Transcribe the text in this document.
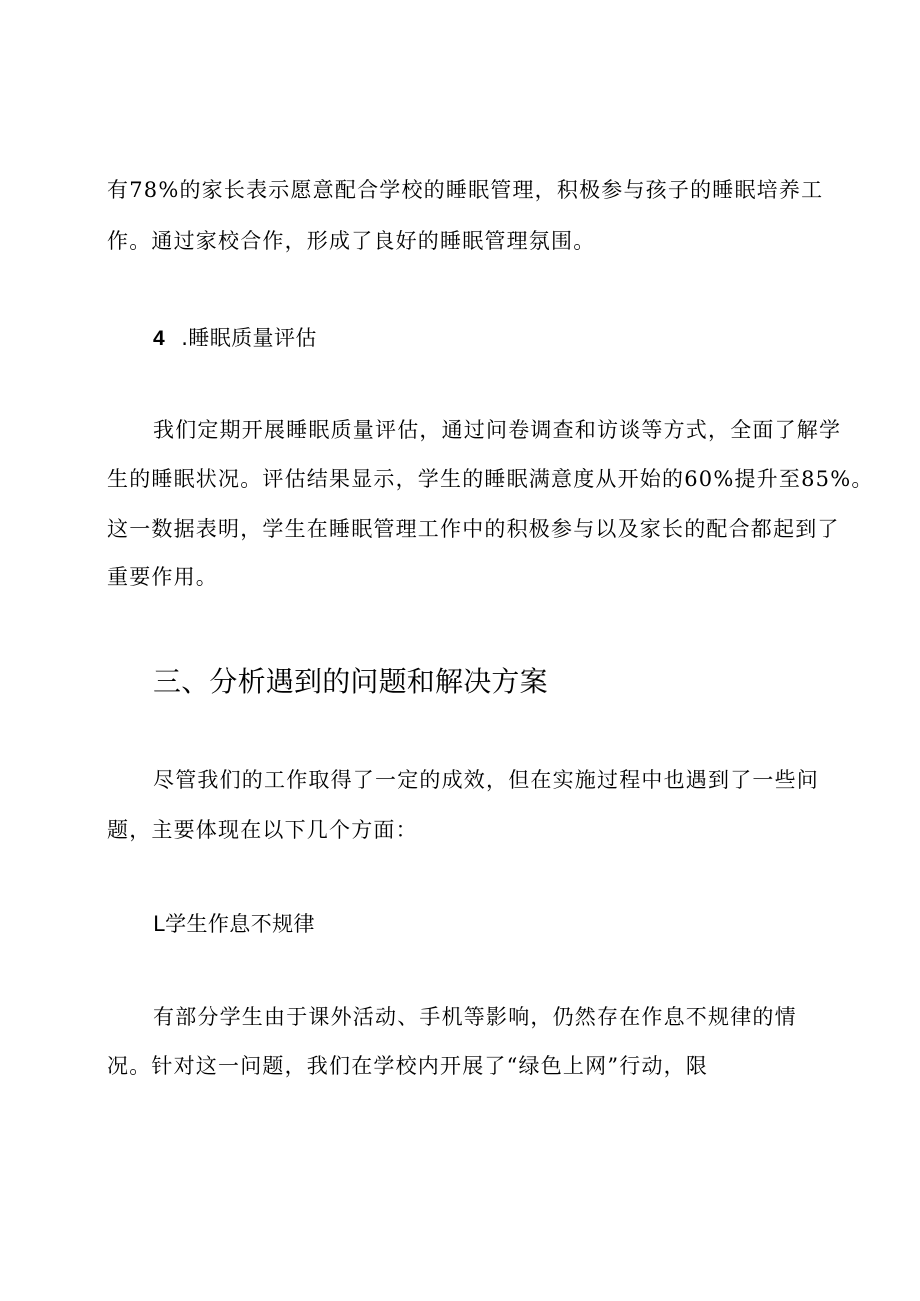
有78%的家长表示愿意配合学校的睡眠管理，积极参与孩子的睡眠培养工
作。通过家校合作，形成了良好的睡眠管理氛围。
4 .睡眠质量评估
我们定期开展睡眠质量评估，通过问卷调查和访谈等方式，全面了解学
生的睡眠状况。评估结果显示，学生的睡眠满意度从开始的60%提升至85%。
这一数据表明，学生在睡眠管理工作中的积极参与以及家长的配合都起到了
重要作用。
三、分析遇到的问题和解决方案
尽管我们的工作取得了一定的成效，但在实施过程中也遇到了一些问
题，主要体现在以下几个方面：
L学生作息不规律
有部分学生由于课外活动、手机等影响，仍然存在作息不规律的情
况。针对这一问题，我们在学校内开展了“绿色上网”行动，限
